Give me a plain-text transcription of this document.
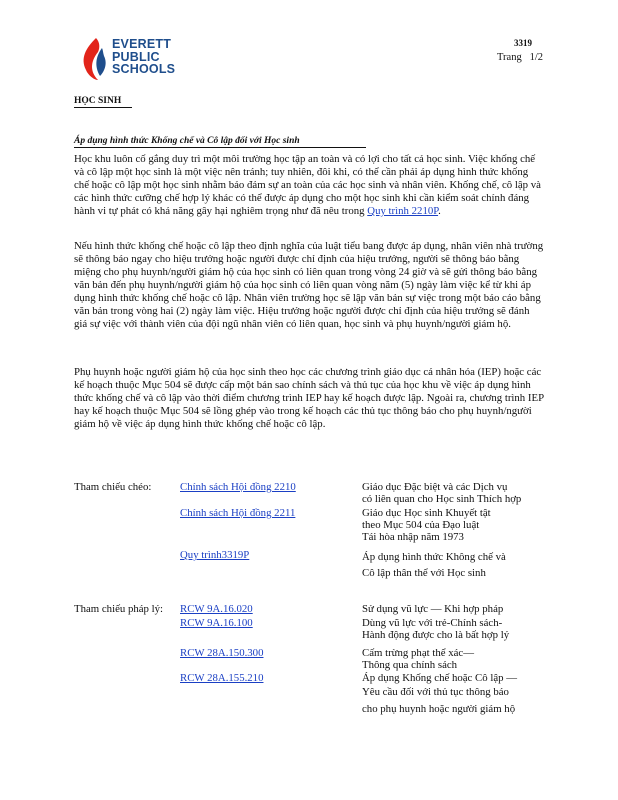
EVERETT
PUBLIC
SCHOOLS
3319
Trang 1/2
HỌC SINH
Áp dụng hình thức Khống chế và Cô lập đối với Học sinh

Học khu luôn cố gắng duy trì một môi trường học tập an toàn và có lợi cho tất cả học sinh. Việc khống chế và cô lập một học sinh là một việc nên tránh; tuy nhiên, đôi khi, có thể cần phải áp dụng hình thức khống chế hoặc cô lập một học sinh nhằm bảo đảm sự an toàn của các học sinh và nhân viên. Khống chế, cô lập và các hình thức cưỡng chế hợp lý khác có thể được áp dụng cho một học sinh khi cần kiểm soát chính đáng hành vi tự phát có khả năng gây hại nghiêm trọng như đã nêu trong Quy trình 2210P.

Nếu hình thức khống chế hoặc cô lập theo định nghĩa của luật tiểu bang được áp dụng, nhân viên nhà trường sẽ thông báo ngay cho hiệu trưởng hoặc người được chỉ định của hiệu trưởng, người sẽ thông báo bằng miệng cho phụ huynh/người giám hộ của học sinh có liên quan trong vòng 24 giờ và sẽ gửi thông báo bằng văn bản đến phụ huynh/người giám hộ của học sinh có liên quan vòng năm (5) ngày làm việc kể từ khi áp dụng hình thức khống chế hoặc cô lập. Nhân viên trường học sẽ lập văn bản sự việc trong một báo cáo bằng văn bản trong vòng hai (2) ngày làm việc. Hiệu trưởng hoặc người được chỉ định của hiệu trưởng sẽ đánh giá sự việc với thành viên của đội ngũ nhân viên có liên quan, học sinh và phụ huynh/người giám hộ.

Phụ huynh hoặc người giám hộ của học sinh theo học các chương trình giáo dục cá nhân hóa (IEP) hoặc các kế hoạch thuộc Mục 504 sẽ được cấp một bản sao chính sách và thủ tục của học khu về việc áp dụng hình thức khống chế và cô lập vào thời điểm chương trình IEP hay kế hoạch được lập. Ngoài ra, chương trình IEP hay kế hoạch thuộc Mục 504 sẽ lồng ghép vào trong kế hoạch các thủ tục thông báo cho phụ huynh/người giám hộ về việc áp dụng hình thức khống chế hoặc cô lập.

Tham chiếu chéo:	Chính sách Hội đồng 2210	Giáo dục Đặc biệt và các Dịch vụ
có liên quan cho Học sinh Thích hợp
Chính sách Hội đồng 2211	Giáo dục Học sinh Khuyết tật
theo Mục 504 của Đạo luật
Tái hòa nhập năm 1973
Quy trình3319P	Áp dụng hình thức Không chế và
Cô lập thân thể với Học sinh
Tham chiếu pháp lý: RCW 9A.16.020	Sử dụng vũ lực — Khi hợp pháp
RCW 9A.16.100	Dùng vũ lực với trẻ-Chính sách-
Hành động được cho là bất hợp lý
RCW 28A.150.300	Cấm trừng phạt thể xác—
Thông qua chính sách
RCW 28A.155.210	Áp dụng Khống chế hoặc Cô lập —
Yêu cầu đối với thủ tục thông báo
cho phụ huynh hoặc người giám hộ
